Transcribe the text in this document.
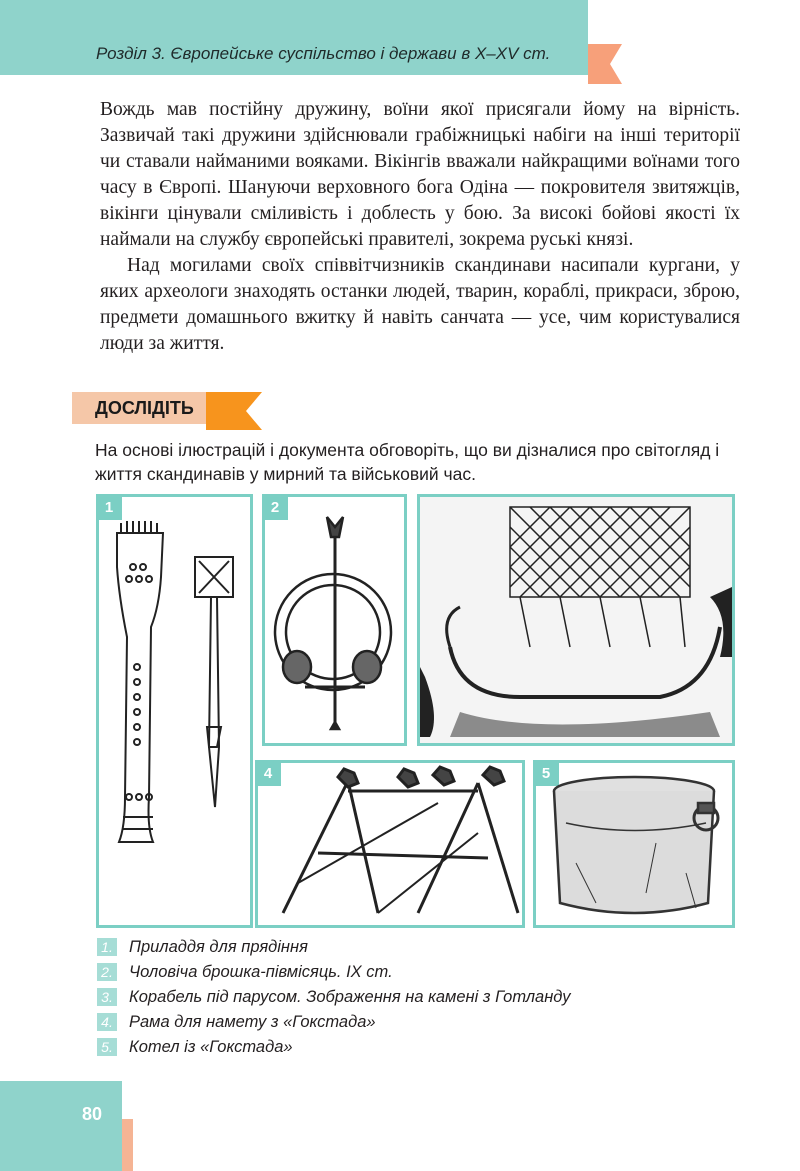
Розділ 3. Європейське суспільство і держави в X–XV ст.

Вождь мав постійну дружину, воїни якої присягали йому на вірність. Зазвичай такі дружини здійснювали грабіжницькі набіги на інші території чи ставали найманими вояками. Вікінгів вважали найкращими воїнами того часу в Європі. Шануючи верховного бога Одіна — покровителя звитяжців, вікінги цінували сміливість і доблесть у бою. За високі бойові якості їх наймали на службу європейські правителі, зокрема руські князі.

Над могилами своїх співвітчизників скандинави насипали кургани, у яких археологи знаходять останки людей, тварин, кораблі, прикраси, зброю, предмети домашнього вжитку й навіть санчата — усе, чим користувалися люди за життя.

ДОСЛІДІТЬ

На основі ілюстрацій і документа обговоріть, що ви дізналися про світогляд і життя скандинавів у мирний та військовий час.

1	2
4	5
1. Приладдя для прядіння
2. Чоловіча брошка-півмісяць. IX ст.
3. Корабель під парусом. Зображення на камені з Готланду
4. Рама для намету з «Гокстада»
5. Котел із «Гокстада»
80
